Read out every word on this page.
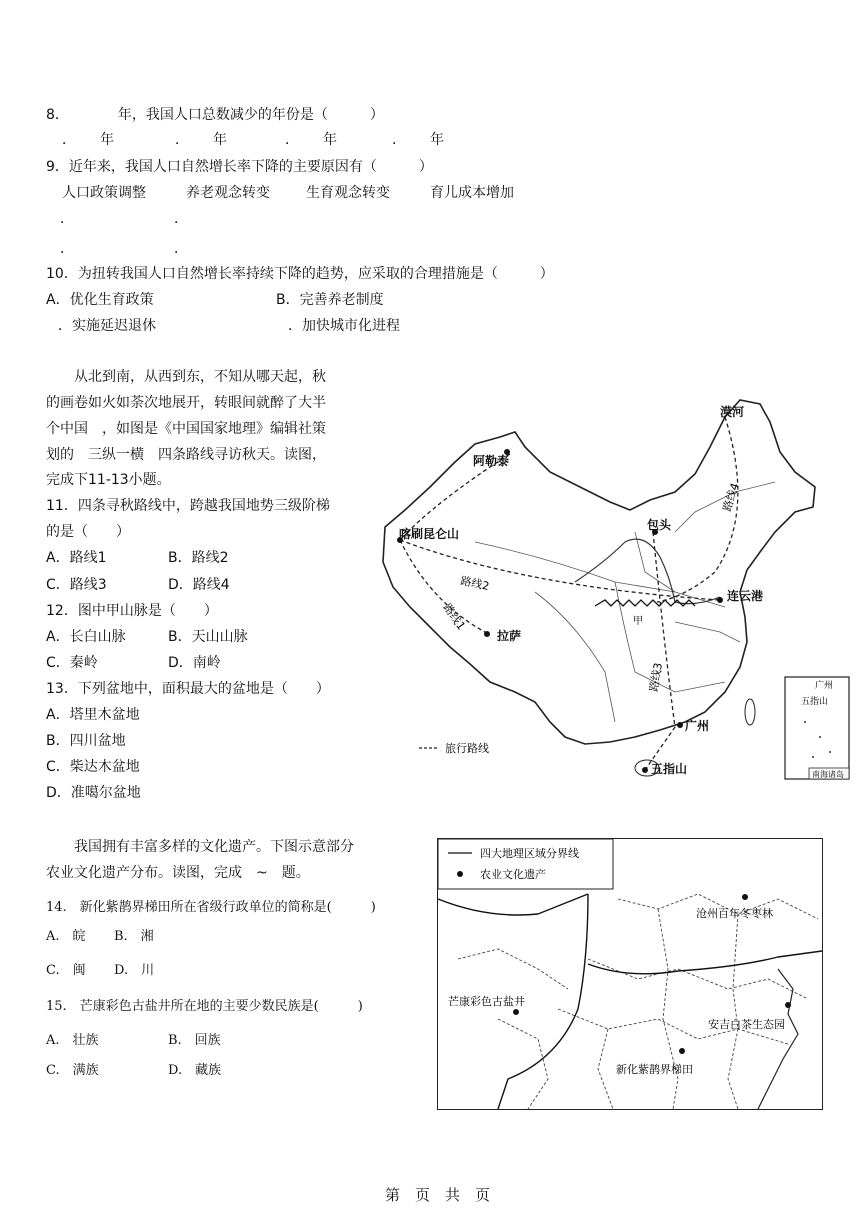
8．　　　　年，我国人口总数减少的年份是（　　　）
． 年	． 年	． 年	． 年
9．近年来，我国人口自然增长率下降的主要原因有（　　　）
人口政策调整	养老观念转变	生育观念转变	育儿成本增加
．	．
．	．
10．为扭转我国人口自然增长率持续下降的趋势，应采取的合理措施是（　　　）
A．优化生育政策	B．完善养老制度
．实施延迟退休	．加快城市化进程
　　从北到南，从西到东，不知从哪天起，秋
的画卷如火如荼次地展开，转眼间就醉了大半
个中国　，如图是《中国国家地理》编辑社策
划的　三纵一横　四条路线寻访秋天。读图，
完成下11-13小题。
11．四条寻秋路线中，跨越我国地势三级阶梯
的是（　　）
A．路线1	B．路线2
C．路线3	D．路线4
12．图中甲山脉是（　　）
A．长白山脉	B．天山山脉
C．秦岭	D．南岭
13．下列盆地中，面积最大的盆地是（　　）
A．塔里木盆地
B．四川盆地
C．柴达木盆地
D．准噶尔盆地
漠河
阿勒泰
喀刷昆仑山
包头
连云港
拉萨
广州
五指山
甲
路线2
路线1
路线3
路线4
旅行路线
广州
五指山
南海诸岛
　　我国拥有丰富多样的文化遗产。下图示意部分
农业文化遗产分布。读图，完成　~　题。
14.　新化紫鹊界梯田所在省级行政单位的简称是(　　　)
A.　皖 B.　湘
C.　闽 D.　川
15.　芒康彩色古盐井所在地的主要少数民族是(　　　)
A.　壮族	B.　回族
C.　满族	D.　藏族
四大地理区域分界线
农业文化遗产
沧州百年冬枣林
芒康彩色古盐井
安吉白茶生态园
新化紫鹊界梯田
第　页　共　页
